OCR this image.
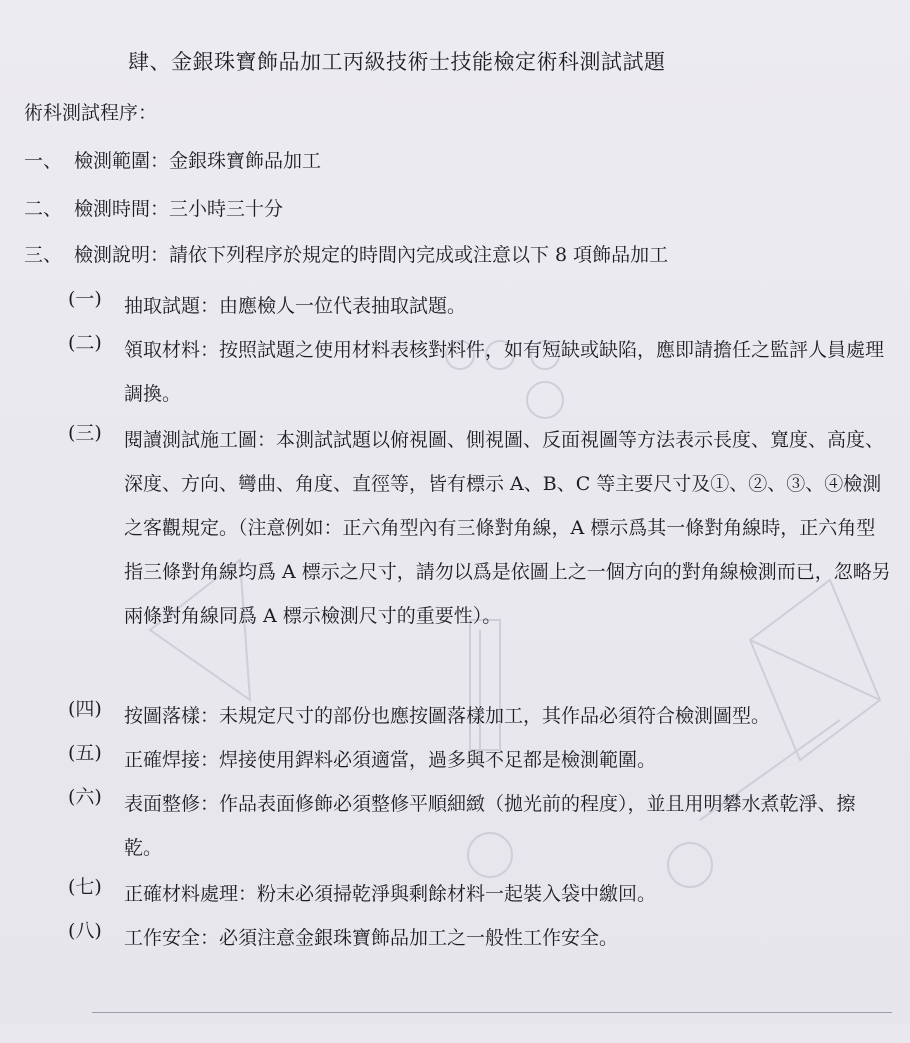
肆、金銀珠寶飾品加工丙級技術士技能檢定術科測試試題
術科測試程序：
一、 檢測範圍：金銀珠寶飾品加工
二、 檢測時間：三小時三十分
三、 檢測說明：請依下列程序於規定的時間內完成或注意以下 8 項飾品加工
(一)	抽取試題：由應檢人一位代表抽取試題。
(二)	領取材料：按照試題之使用材料表核對料件，如有短缺或缺陷，應即請擔任之監評人員處理調換。
(三)	閱讀測試施工圖：本測試試題以俯視圖、側視圖、反面視圖等方法表示長度、寬度、高度、深度、方向、彎曲、角度、直徑等，皆有標示 A、B、C 等主要尺寸及①、②、③、④檢測之客觀規定。（注意例如：正六角型內有三條對角線，A 標示爲其一條對角線時，正六角型指三條對角線均爲 A 標示之尺寸，請勿以爲是依圖上之一個方向的對角線檢測而已，忽略另兩條對角線同爲 A 標示檢測尺寸的重要性）。
(四)	按圖落樣：未規定尺寸的部份也應按圖落樣加工，其作品必須符合檢測圖型。
(五)	正確焊接：焊接使用銲料必須適當，過多與不足都是檢測範圍。
(六)	表面整修：作品表面修飾必須整修平順細緻（拋光前的程度），並且用明礬水煮乾淨、擦乾。
(七)	正確材料處理：粉末必須掃乾淨與剩餘材料一起裝入袋中繳回。
(八)	工作安全：必須注意金銀珠寶飾品加工之一般性工作安全。
